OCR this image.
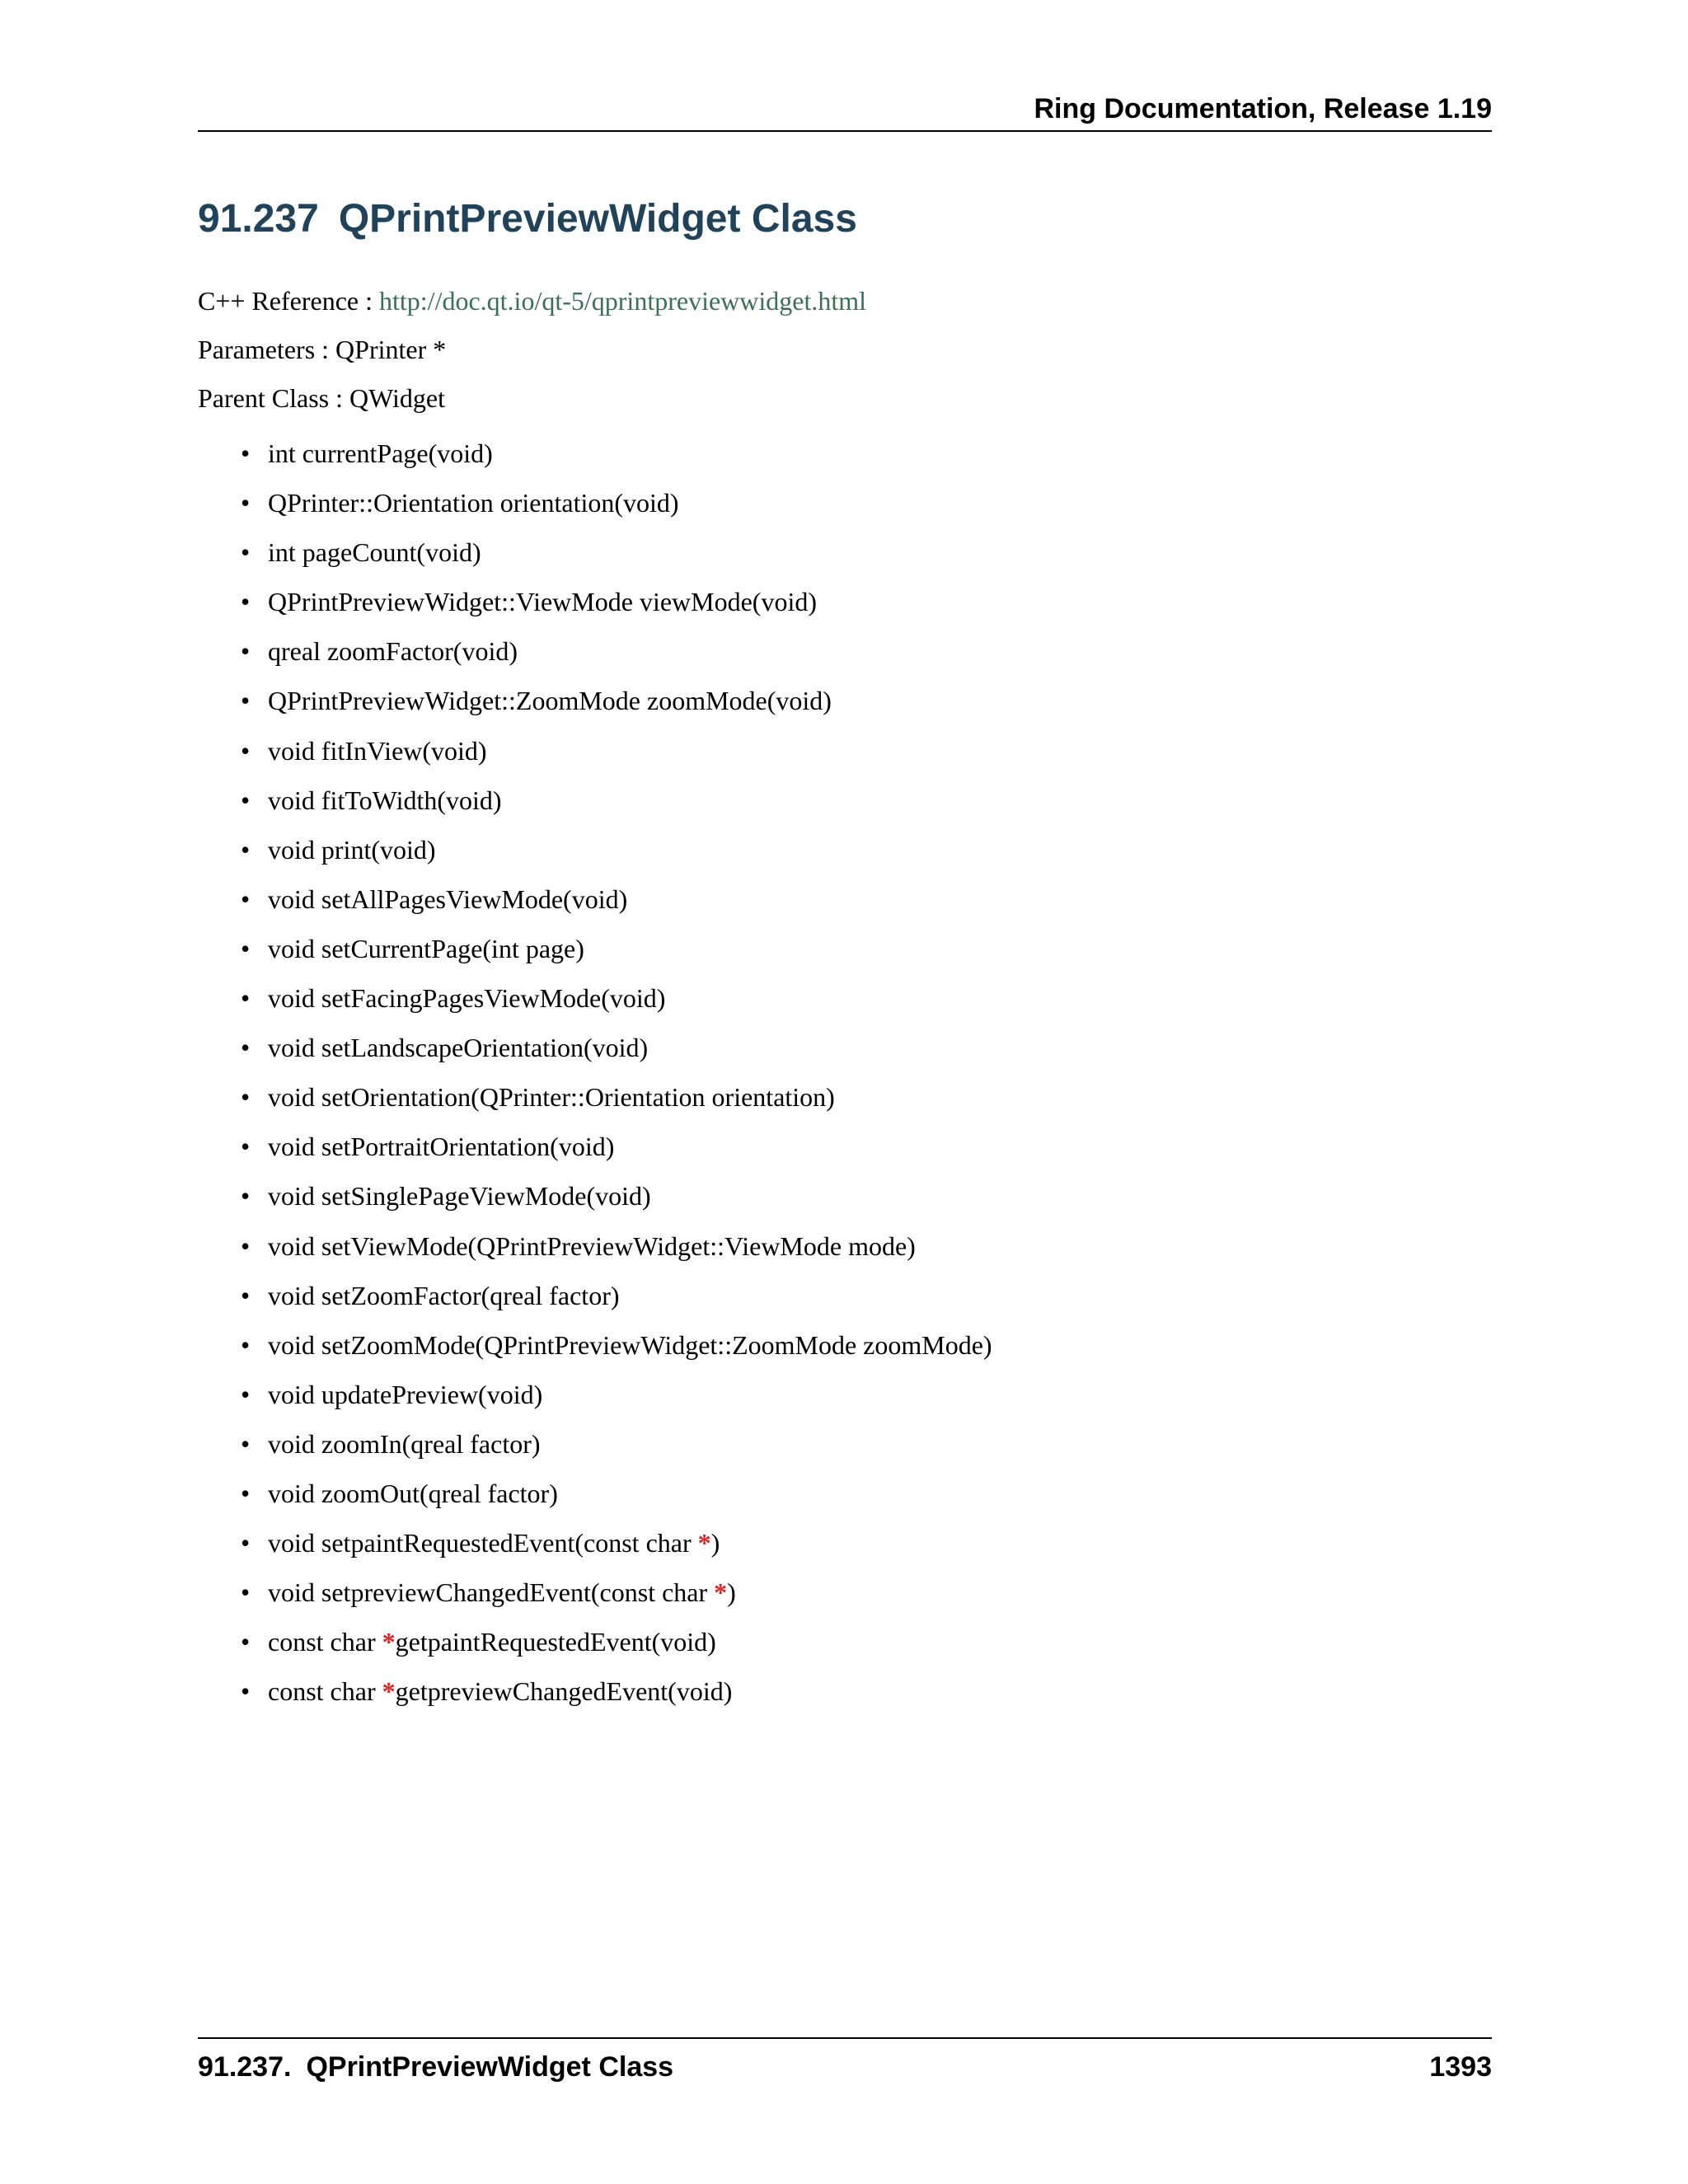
Ring Documentation, Release 1.19
91.237 QPrintPreviewWidget Class
C++ Reference : http://doc.qt.io/qt-5/qprintpreviewwidget.html
Parameters : QPrinter *
Parent Class : QWidget
• int currentPage(void)
• QPrinter::Orientation orientation(void)
• int pageCount(void)
• QPrintPreviewWidget::ViewMode viewMode(void)
• qreal zoomFactor(void)
• QPrintPreviewWidget::ZoomMode zoomMode(void)
• void fitInView(void)
• void fitToWidth(void)
• void print(void)
• void setAllPagesViewMode(void)
• void setCurrentPage(int page)
• void setFacingPagesViewMode(void)
• void setLandscapeOrientation(void)
• void setOrientation(QPrinter::Orientation orientation)
• void setPortraitOrientation(void)
• void setSinglePageViewMode(void)
• void setViewMode(QPrintPreviewWidget::ViewMode mode)
• void setZoomFactor(qreal factor)
• void setZoomMode(QPrintPreviewWidget::ZoomMode zoomMode)
• void updatePreview(void)
• void zoomIn(qreal factor)
• void zoomOut(qreal factor)
• void setpaintRequestedEvent(const char *)
• void setpreviewChangedEvent(const char *)
• const char *getpaintRequestedEvent(void)
• const char *getpreviewChangedEvent(void)
91.237. QPrintPreviewWidget Class	1393
